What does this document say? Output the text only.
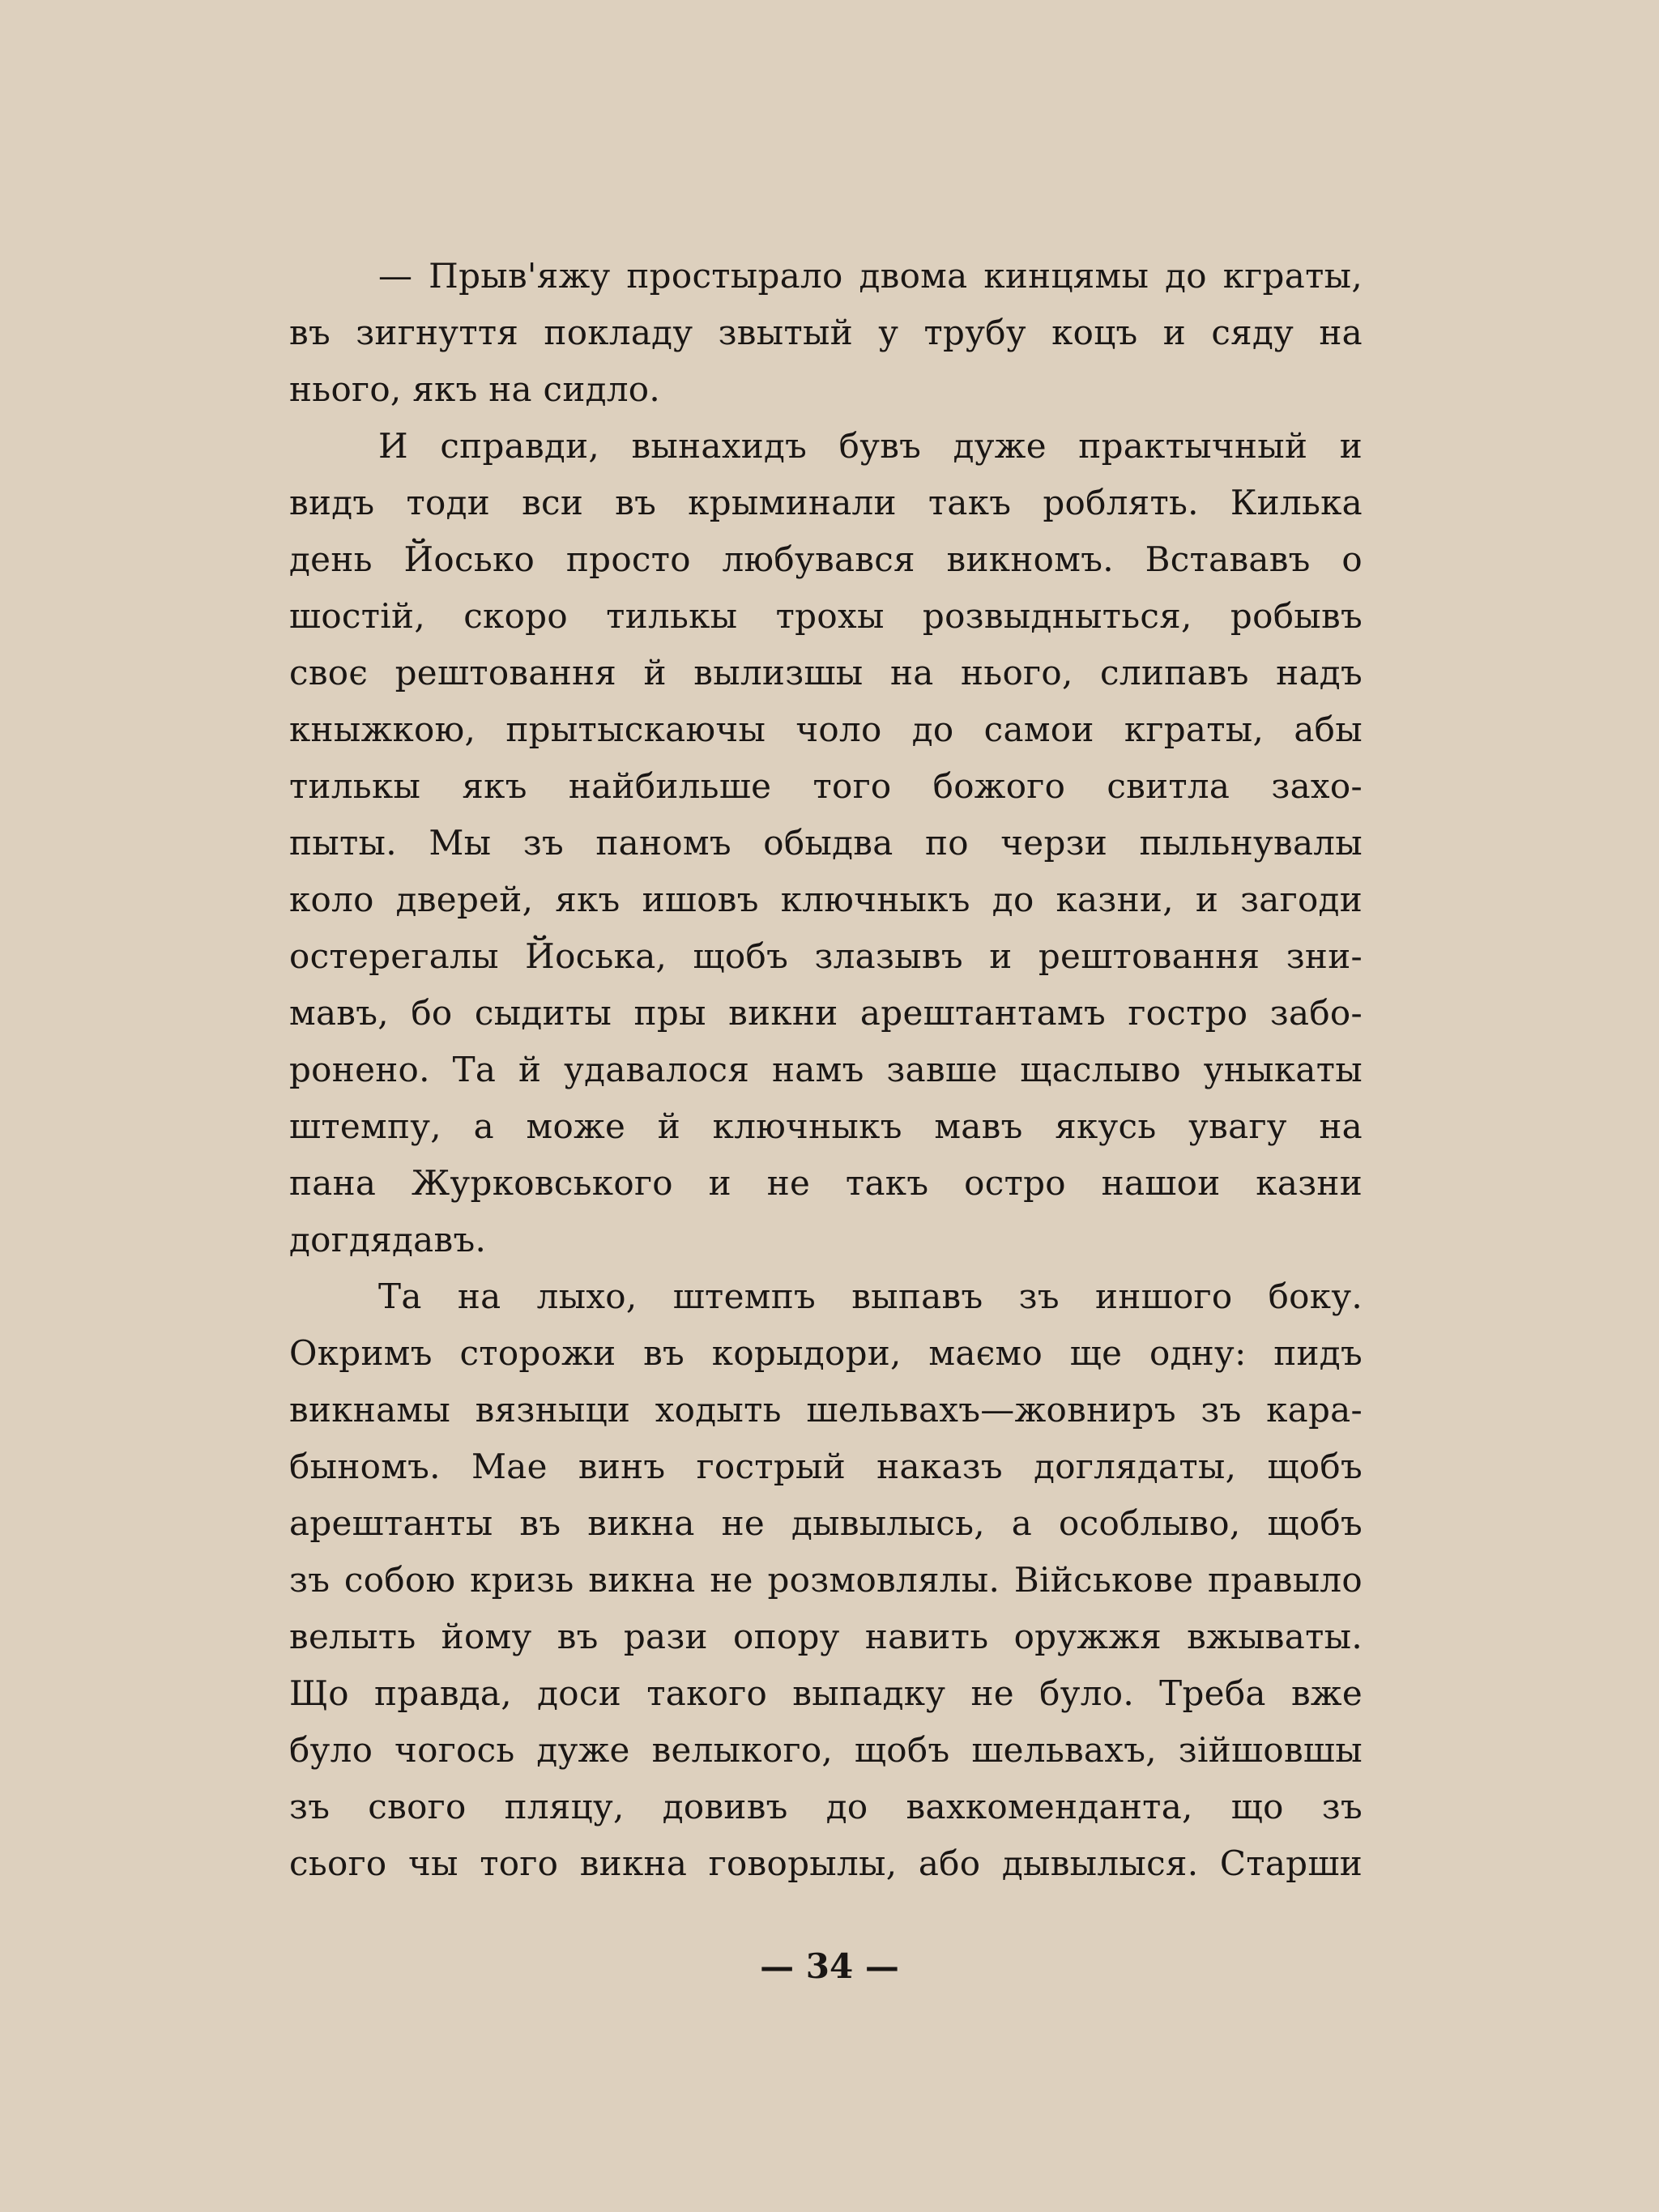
— Прыв'яжу простырало двома кинцямы до кграты,
въ зигнуття покладу звытый у трубу коцъ и сяду на
нього, якъ на сидло.

И справди, вынахидъ бувъ дуже практычный и
видъ тоди вси въ крыминали такъ роблять. Килька
день Йосько просто любувався викномъ. Встававъ о
шостій, скоро тилькы трохы розвыдныться, робывъ
своє рештовання й вылизшы на нього, слипавъ надъ
кныжкою, прытыскаючы чоло до самои кграты, абы
тилькы якъ найбильше того божого свитла захо-
пыты. Мы зъ паномъ обыдва по черзи пыльнувалы
коло дверей, якъ ишовъ ключныкъ до казни, и загоди
остерегалы Йоська, щобъ злазывъ и рештовання зни-
мавъ, бо сыдиты пры викни арештантамъ гостро забо-
ронено. Та й удавалося намъ завше щаслыво уныкаты
штемпу, а може й ключныкъ мавъ якусь увагу на
пана Журковського и не такъ остро нашои казни
догдядавъ.

Та на лыхо, штемпъ выпавъ зъ иншого боку.
Окримъ сторожи въ корыдори, маємо ще одну: пидъ
викнамы вязныци ходыть шельвахъ—жовниръ зъ кара-
быномъ. Мае винъ гострый наказъ доглядаты, щобъ
арештанты въ викна не дывылысь, а особлыво, щобъ
зъ собою кризь викна не розмовлялы. Військове правыло
велыть йому въ рази опору навить оружжя вжываты.
Що правда, доси такого выпадку не було. Треба вже
було чогось дуже велыкого, щобъ шельвахъ, зійшовшы
зъ свого пляцу, довивъ до вахкоменданта, що зъ
сього чы того викна говорылы, або дывылыся. Старши

— 34 —
